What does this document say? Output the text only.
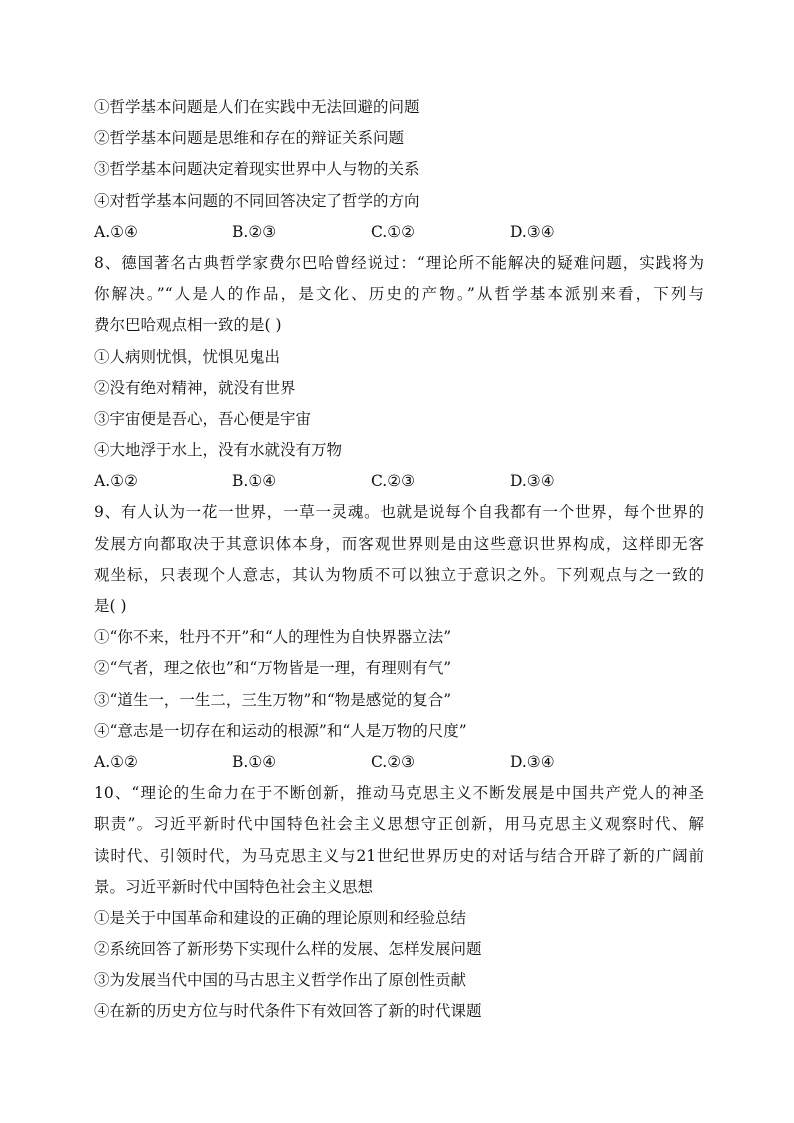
①哲学基本问题是人们在实践中无法回避的问题
②哲学基本问题是思维和存在的辩证关系问题
③哲学基本问题决定着现实世界中人与物的关系
④对哲学基本问题的不同回答决定了哲学的方向
A.①④	B.②③	C.①②	D.③④
8、德国著名古典哲学家费尔巴哈曾经说过：“理论所不能解决的疑难问题，实践将为
你解决。”“人是人的作品，是文化、历史的产物。”从哲学基本派别来看，下列与
费尔巴哈观点相一致的是( )
①人病则忧惧，忧惧见鬼出
②没有绝对精神，就没有世界
③宇宙便是吾心，吾心便是宇宙
④大地浮于水上，没有水就没有万物
A.①②	B.①④	C.②③	D.③④
9、有人认为一花一世界，一草一灵魂。也就是说每个自我都有一个世界，每个世界的
发展方向都取决于其意识体本身，而客观世界则是由这些意识世界构成，这样即无客
观坐标，只表现个人意志，其认为物质不可以独立于意识之外。下列观点与之一致的
是( )
①“你不来，牡丹不开”和“人的理性为自快界器立法”
②“气者，理之依也”和“万物皆是一理，有理则有气”
③“道生一，一生二，三生万物”和“物是感觉的复合”
④“意志是一切存在和运动的根源”和“人是万物的尺度”
A.①②	B.①④	C.②③	D.③④
10、“理论的生命力在于不断创新，推动马克思主义不断发展是中国共产党人的神圣
职责”。习近平新时代中国特色社会主义思想守正创新，用马克思主义观察时代、解
读时代、引领时代，为马克思主义与21世纪世界历史的对话与结合开辟了新的广阔前
景。习近平新时代中国特色社会主义思想
①是关于中国革命和建设的正确的理论原则和经验总结
②系统回答了新形势下实现什么样的发展、怎样发展问题
③为发展当代中国的马古思主义哲学作出了原创性贡献
④在新的历史方位与时代条件下有效回答了新的时代课题
